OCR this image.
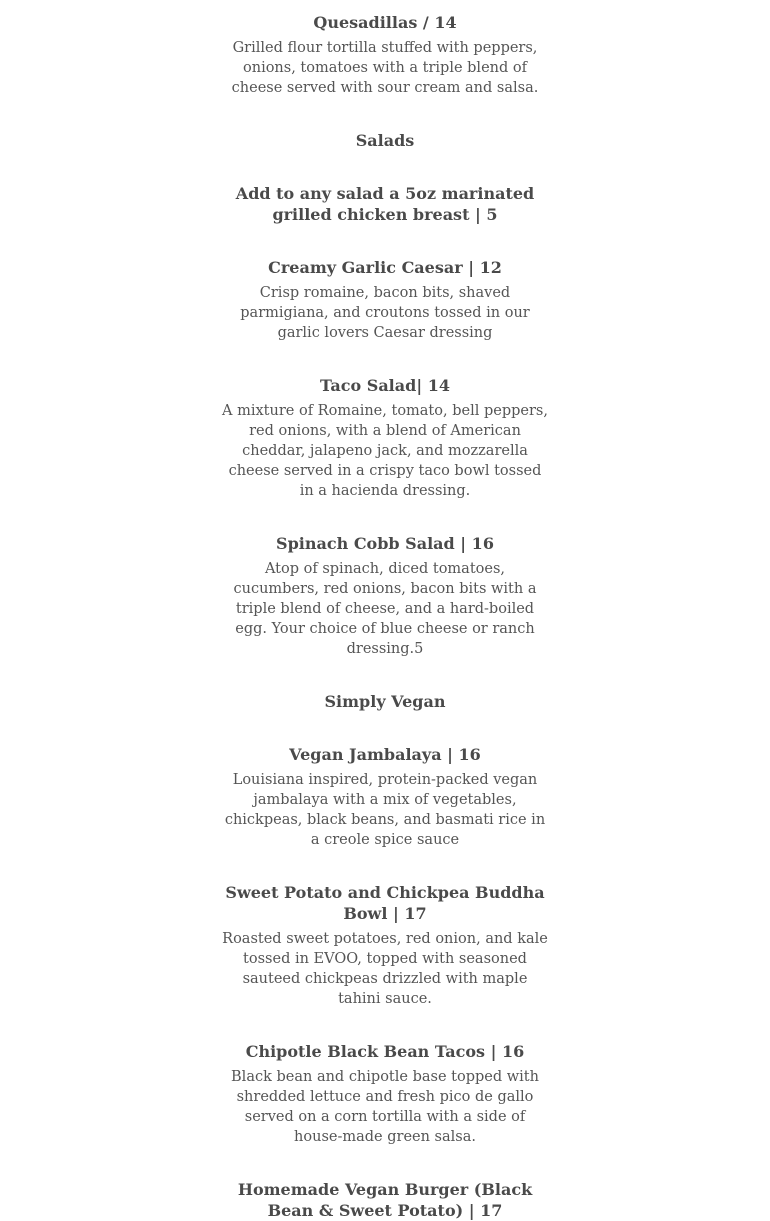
Quesadillas / 14

Grilled flour tortilla stuffed with peppers, onions, tomatoes with a triple blend of cheese served with sour cream and salsa.

Salads

Add to any salad a 5oz marinated grilled chicken breast | 5

Creamy Garlic Caesar | 12

Crisp romaine, bacon bits, shaved parmigiana, and croutons tossed in our garlic lovers Caesar dressing

Taco Salad| 14

A mixture of Romaine, tomato, bell peppers, red onions, with a blend of American cheddar, jalapeno jack, and mozzarella cheese served in a crispy taco bowl tossed in a hacienda dressing.

Spinach Cobb Salad | 16

Atop of spinach, diced tomatoes, cucumbers, red onions, bacon bits with a triple blend of cheese, and a hard-boiled egg. Your choice of blue cheese or ranch dressing.5

Simply Vegan

Vegan Jambalaya | 16

Louisiana inspired, protein-packed vegan jambalaya with a mix of vegetables, chickpeas, black beans, and basmati rice in a creole spice sauce

Sweet Potato and Chickpea Buddha Bowl | 17

Roasted sweet potatoes, red onion, and kale tossed in EVOO, topped with seasoned sauteed chickpeas drizzled with maple tahini sauce.

Chipotle Black Bean Tacos | 16

Black bean and chipotle base topped with shredded lettuce and fresh pico de gallo served on a corn tortilla with a side of house-made green salsa.

Homemade Vegan Burger (Black Bean & Sweet Potato) | 17
